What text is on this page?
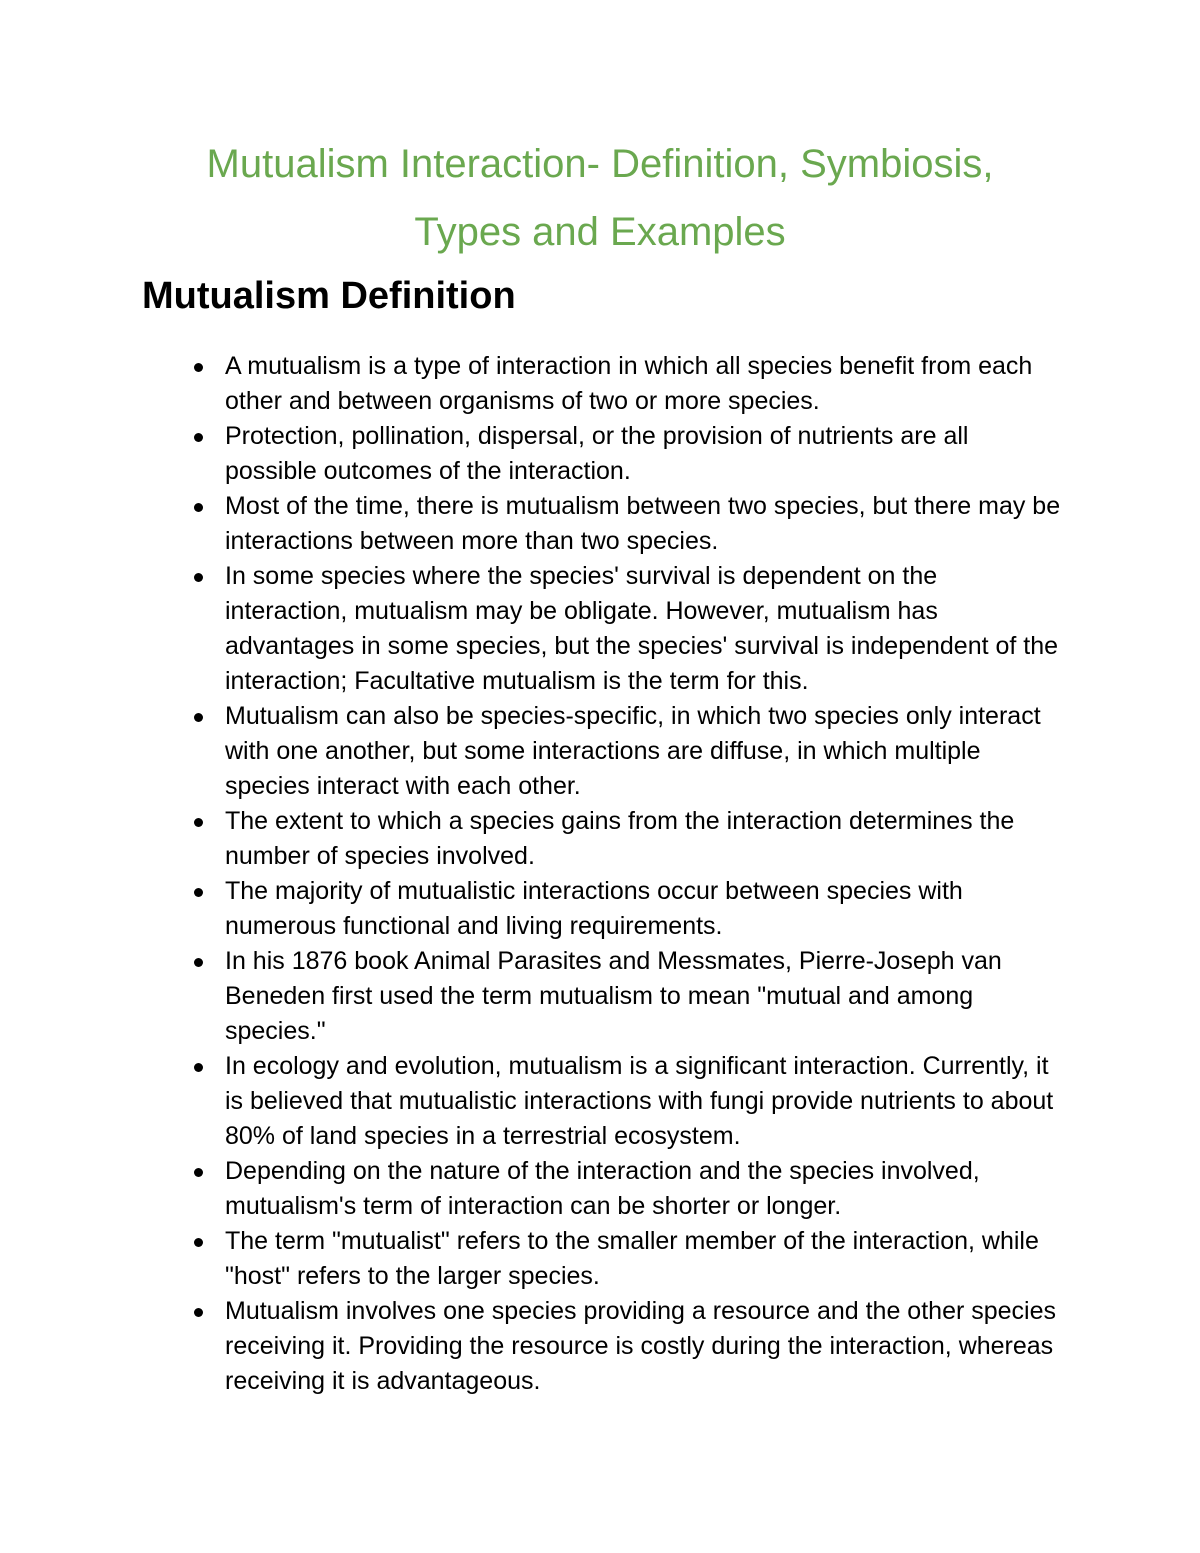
Mutualism Interaction- Definition, Symbiosis,
Types and Examples
Mutualism Definition
A mutualism is a type of interaction in which all species benefit from each other and between organisms of two or more species.
Protection, pollination, dispersal, or the provision of nutrients are all possible outcomes of the interaction.
Most of the time, there is mutualism between two species, but there may be interactions between more than two species.
In some species where the species' survival is dependent on the interaction, mutualism may be obligate. However, mutualism has advantages in some species, but the species' survival is independent of the interaction; Facultative mutualism is the term for this.
Mutualism can also be species-specific, in which two species only interact with one another, but some interactions are diffuse, in which multiple species interact with each other.
The extent to which a species gains from the interaction determines the number of species involved.
The majority of mutualistic interactions occur between species with numerous functional and living requirements.
In his 1876 book Animal Parasites and Messmates, Pierre-Joseph van Beneden first used the term mutualism to mean "mutual and among species."
In ecology and evolution, mutualism is a significant interaction. Currently, it is believed that mutualistic interactions with fungi provide nutrients to about 80% of land species in a terrestrial ecosystem.
Depending on the nature of the interaction and the species involved, mutualism's term of interaction can be shorter or longer.
The term "mutualist" refers to the smaller member of the interaction, while "host" refers to the larger species.
Mutualism involves one species providing a resource and the other species receiving it. Providing the resource is costly during the interaction, whereas receiving it is advantageous.
